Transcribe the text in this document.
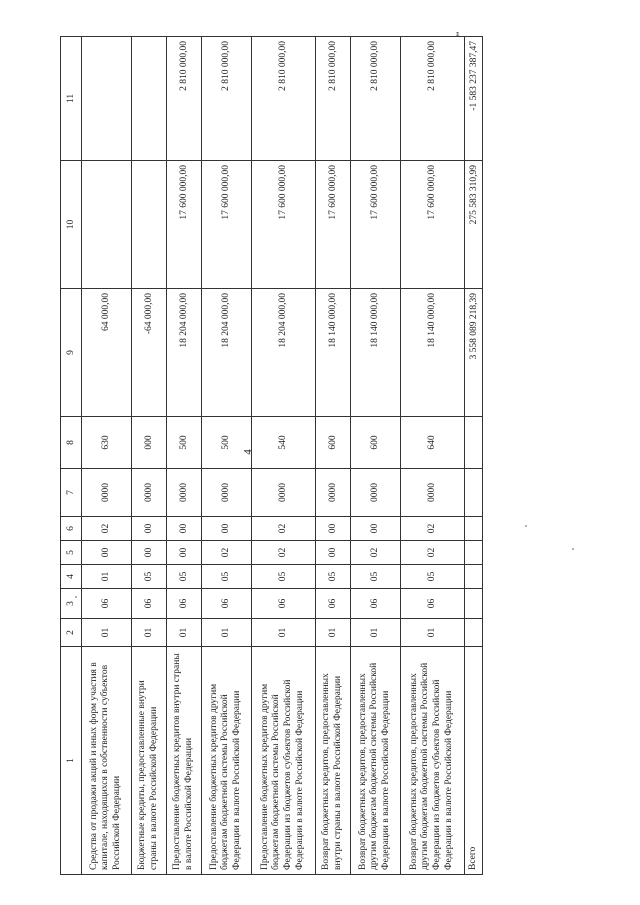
4
”
1	2	3	4	5	6	7	8	9	10	11
Средства от продажи акций и иных форм участия в капитале, находящихся в собственности субъектов Российской Федерации	01	06	01	00	02	0000	630	64 000,00		
Бюджетные кредиты, предоставленные внутри страны в валюте Российской Федерации	01	06	05	00	00	0000	000	-64 000,00		
Предоставление бюджетных кредитов внутри страны в валюте Российской Федерации	01	06	05	00	00	0000	500	18 204 000,00	17 600 000,00	2 810 000,00
Предоставление бюджетных кредитов другим бюджетам бюджетной системы Российской Федерации в валюте Российской Федерации	01	06	05	02	00	0000	500	18 204 000,00	17 600 000,00	2 810 000,00
Предоставление бюджетных кредитов другим бюджетам бюджетной системы Российской Федерации из бюджетов субъектов Российской Федерации в валюте Российской Федерации	01	06	05	02	02	0000	540	18 204 000,00	17 600 000,00	2 810 000,00
Возврат бюджетных кредитов, предоставленных внутри страны в валюте Российской Федерации	01	06	05	00	00	0000	600	18 140 000,00	17 600 000,00	2 810 000,00
Возврат бюджетных кредитов, предоставленных другим бюджетам бюджетной системы Российской Федерации в валюте Российской Федерации	01	06	05	02	00	0000	600	18 140 000,00	17 600 000,00	2 810 000,00
Возврат бюджетных кредитов, предоставленных другим бюджетам бюджетной системы Российской Федерации из бюджетов субъектов Российской Федерации в валюте Российской Федерации	01	06	05	02	02	0000	640	18 140 000,00	17 600 000,00	2 810 000,00
Всего								3 558 089 218,39	275 583 310,99	-1 583 237 387,47
